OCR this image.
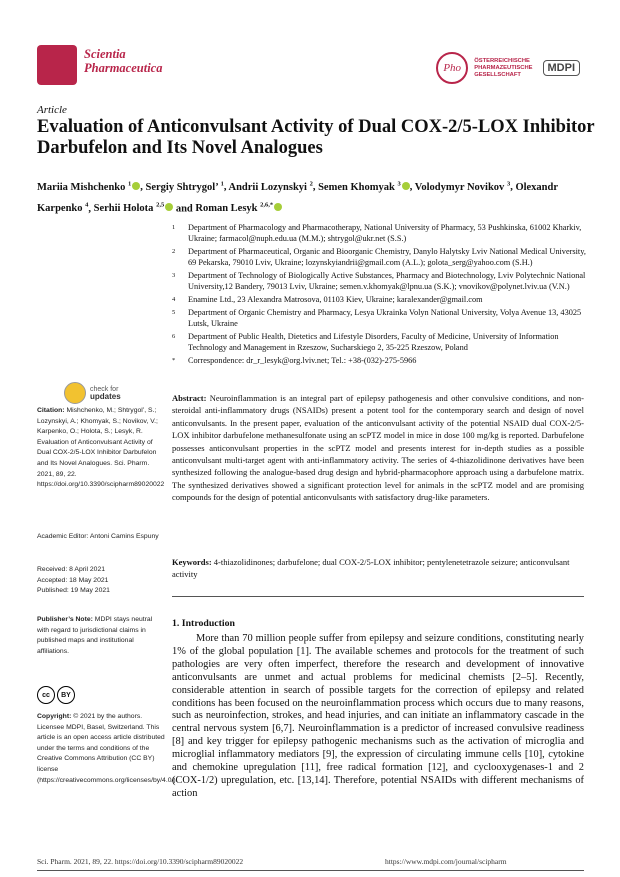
Scientia
Pharmaceutica	Pho
ÖSTERREICHISCHE
PHARMAZEUTISCHE
GESELLSCHAFT
MDPI
Article
Evaluation of Anticonvulsant Activity of Dual COX-2/5-LOX Inhibitor Darbufelon and Its Novel Analogues
Mariia Mishchenko $^1$ , Sergiy Shtrygol’ $^1$, Andrii Lozynskyi $^2$, Semen Khomyak $^3$ , Volodymyr Novikov $^3$, Olexandr Karpenko $^4$, Serhii Holota $^{2,5}$ and Roman Lesyk $^{2,6,*}$
1	Department of Pharmacology and Pharmacotherapy, National University of Pharmacy, 53 Pushkinska, 61002 Kharkiv, Ukraine; farmacol@nuph.edu.ua (M.M.); shtrygol@ukr.net (S.S.)
2	Department of Pharmaceutical, Organic and Bioorganic Chemistry, Danylo Halytsky Lviv National Medical University, 69 Pekarska, 79010 Lviv, Ukraine; lozynskyiandrii@gmail.com (A.L.); golota_serg@yahoo.com (S.H.)
3	Department of Technology of Biologically Active Substances, Pharmacy and Biotechnology, Lviv Polytechnic National University,12 Bandery, 79013 Lviv, Ukraine; semen.v.khomyak@lpnu.ua (S.K.); vnovikov@polynet.lviv.ua (V.N.)
4	Enamine Ltd., 23 Alexandra Matrosova, 01103 Kiev, Ukraine; karalexander@gmail.com
5	Department of Organic Chemistry and Pharmacy, Lesya Ukrainka Volyn National University, Volya Avenue 13, 43025 Lutsk, Ukraine
6	Department of Public Health, Dietetics and Lifestyle Disorders, Faculty of Medicine, University of Information Technology and Management in Rzeszow, Sucharskiego 2, 35-225 Rzeszow, Poland
*	Correspondence: dr_r_lesyk@org.lviv.net; Tel.: +38-(032)-275-5966
check for
updates
Citation: Mishchenko, M.; Shtrygol’, S.; Lozynskyi, A.; Khomyak, S.; Novikov, V.; Karpenko, O.; Holota, S.; Lesyk, R. Evaluation of Anticonvulsant Activity of Dual COX-2/5-LOX Inhibitor Darbufelon and Its Novel Analogues. Sci. Pharm. 2021, 89, 22. https://doi.org/10.3390/scipharm89020022
Academic Editor: Antoni Camins Espuny
Received: 8 April 2021
Accepted: 18 May 2021
Published: 19 May 2021
Publisher’s Note: MDPI stays neutral with regard to jurisdictional claims in published maps and institutional affiliations.
cc	BY
Copyright: © 2021 by the authors. Licensee MDPI, Basel, Switzerland. This article is an open access article distributed under the terms and conditions of the Creative Commons Attribution (CC BY) license (https://creativecommons.org/licenses/by/4.0/).
Abstract: Neuroinflammation is an integral part of epilepsy pathogenesis and other convulsive conditions, and non-steroidal anti-inflammatory drugs (NSAIDs) present a potent tool for the contemporary search and design of novel anticonvulsants. In the present paper, evaluation of the anticonvulsant activity of the potential NSAID dual COX-2/5-LOX inhibitor darbufelone methanesulfonate using an scPTZ model in mice in dose 100 mg/kg is reported. Darbufelone possesses anticonvulsant properties in the scPTZ model and presents interest for in-depth studies as a possible anticonvulsant multi-target agent with anti-inflammatory activity. The series of 4-thiazolidinone derivatives have been synthesized following the analogue-based drug design and hybrid-pharmacophore approach using a darbufelone matrix. The synthesized derivatives showed a significant protection level for animals in the scPTZ model and are promising compounds for the design of potential anticonvulsants with satisfactory drug-like parameters.
Keywords: 4-thiazolidinones; darbufelone; dual COX-2/5-LOX inhibitor; pentylenetetrazole seizure; anticonvulsant activity
1. Introduction

More than 70 million people suffer from epilepsy and seizure conditions, constituting nearly 1% of the global population [1]. The available schemes and protocols for the treatment of such pathologies are very often imperfect, therefore the research and development of innovative anticonvulsants are unmet and actual problems for medicinal chemists [2–5]. Recently, considerable attention in search of possible targets for the correction of epilepsy and related conditions has been focused on the neuroinflammation process which occurs due to many reasons, such as neuroinfection, strokes, and head injuries, and can initiate an inflammatory cascade in the central nervous system [6,7]. Neuroinflammation is a predictor of increased convulsive readiness [8] and key trigger for epilepsy pathogenic mechanisms such as the activation of microglia and microglial inflammatory mediators [9], the expression of circulating immune cells [10], cytokine and chemokine upregulation [11], free radical formation [12], and cyclooxygenases-1 and 2 (COX-1/2) upregulation, etc. [13,14]. Therefore, potential NSAIDs with different mechanisms of action

Sci. Pharm. 2021, 89, 22. https://doi.org/10.3390/scipharm89020022	https://www.mdpi.com/journal/scipharm
